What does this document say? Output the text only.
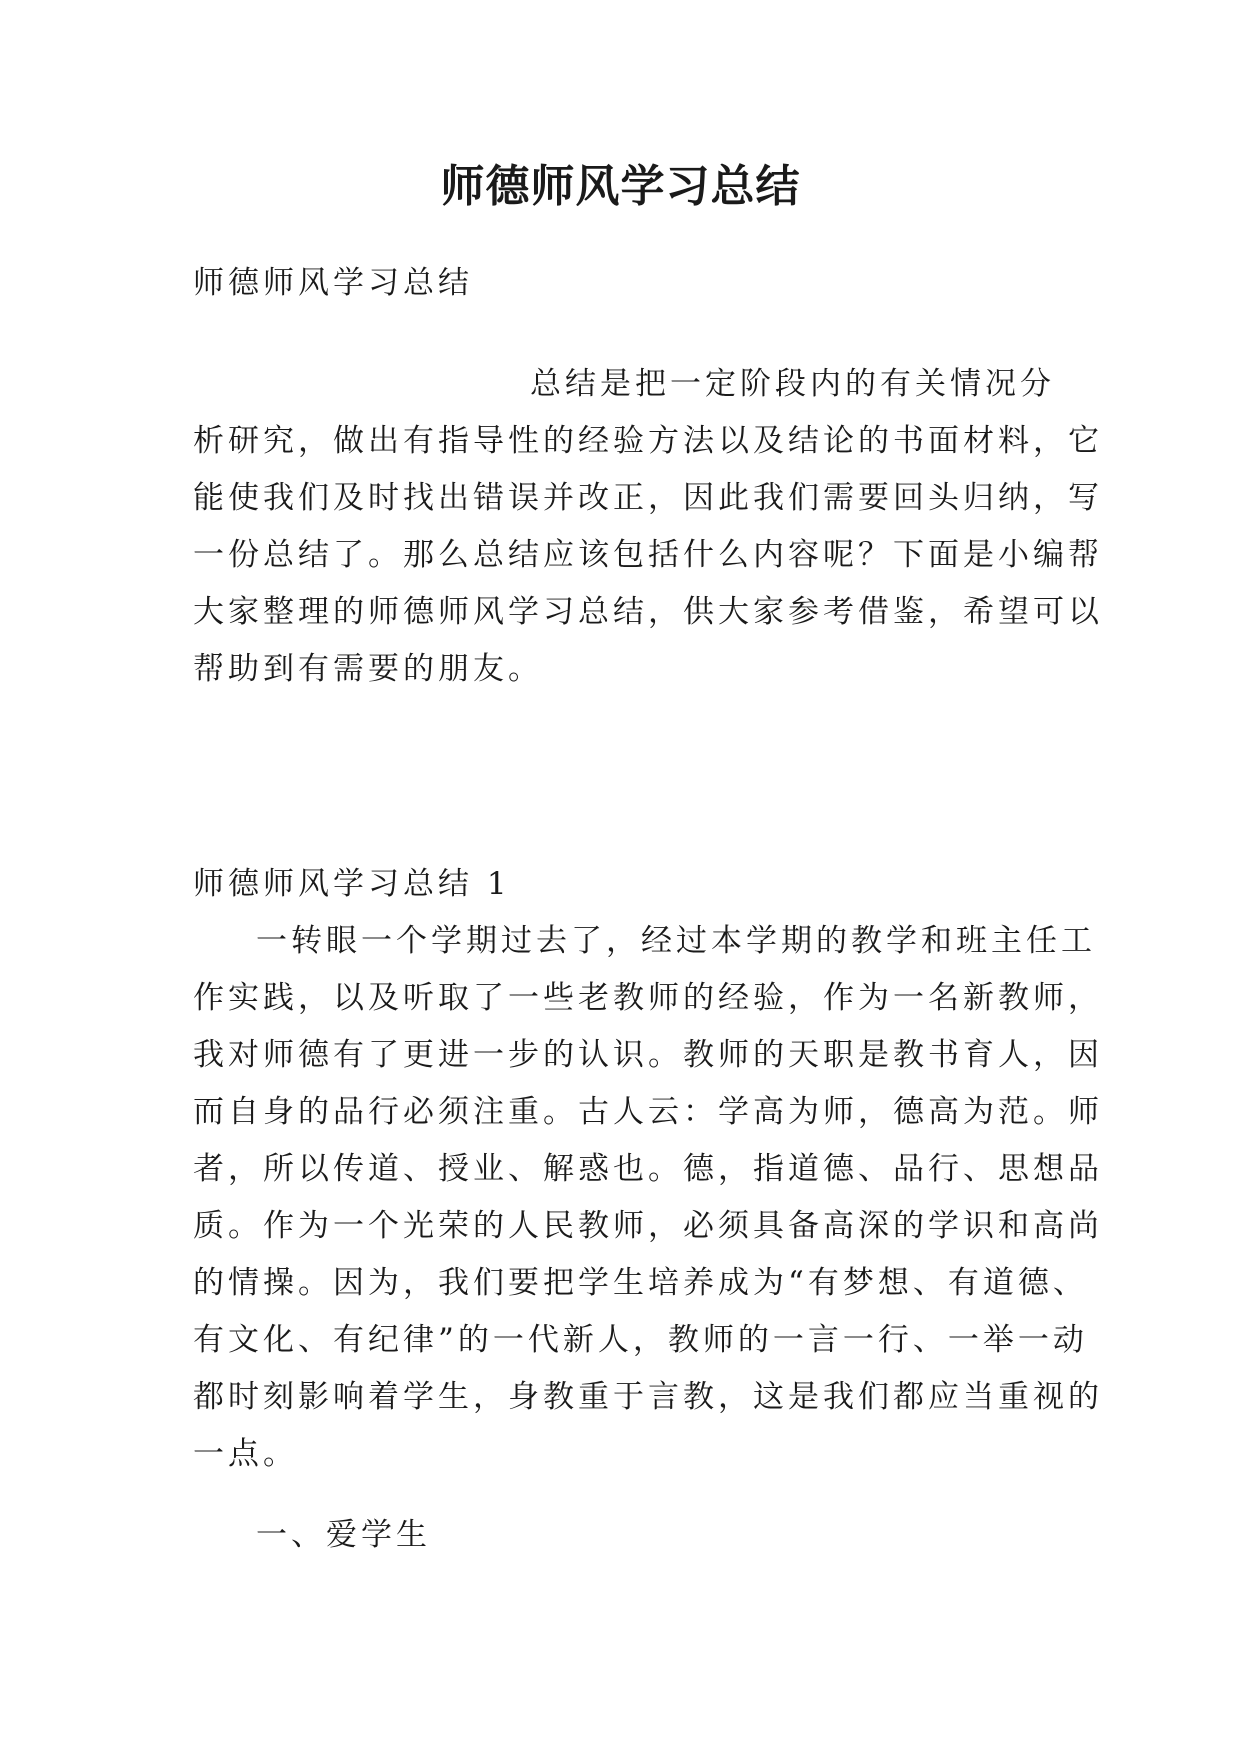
师德师风学习总结

师德师风学习总结

总结是把一定阶段内的有关情况分

析研究，做出有指导性的经验方法以及结论的书面材料，它

能使我们及时找出错误并改正，因此我们需要回头归纳，写

一份总结了。那么总结应该包括什么内容呢？下面是小编帮

大家整理的师德师风学习总结，供大家参考借鉴，希望可以

帮助到有需要的朋友。

师德师风学习总结 1

一转眼一个学期过去了，经过本学期的教学和班主任工

作实践，以及听取了一些老教师的经验，作为一名新教师，

我对师德有了更进一步的认识。教师的天职是教书育人，因

而自身的品行必须注重。古人云：学高为师，德高为范。师

者，所以传道、授业、解惑也。德，指道德、品行、思想品

质。作为一个光荣的人民教师，必须具备高深的学识和高尚

的情操。因为，我们要把学生培养成为“有梦想、有道德、

有文化、有纪律”的一代新人，教师的一言一行、一举一动

都时刻影响着学生，身教重于言教，这是我们都应当重视的

一点。

一、爱学生
